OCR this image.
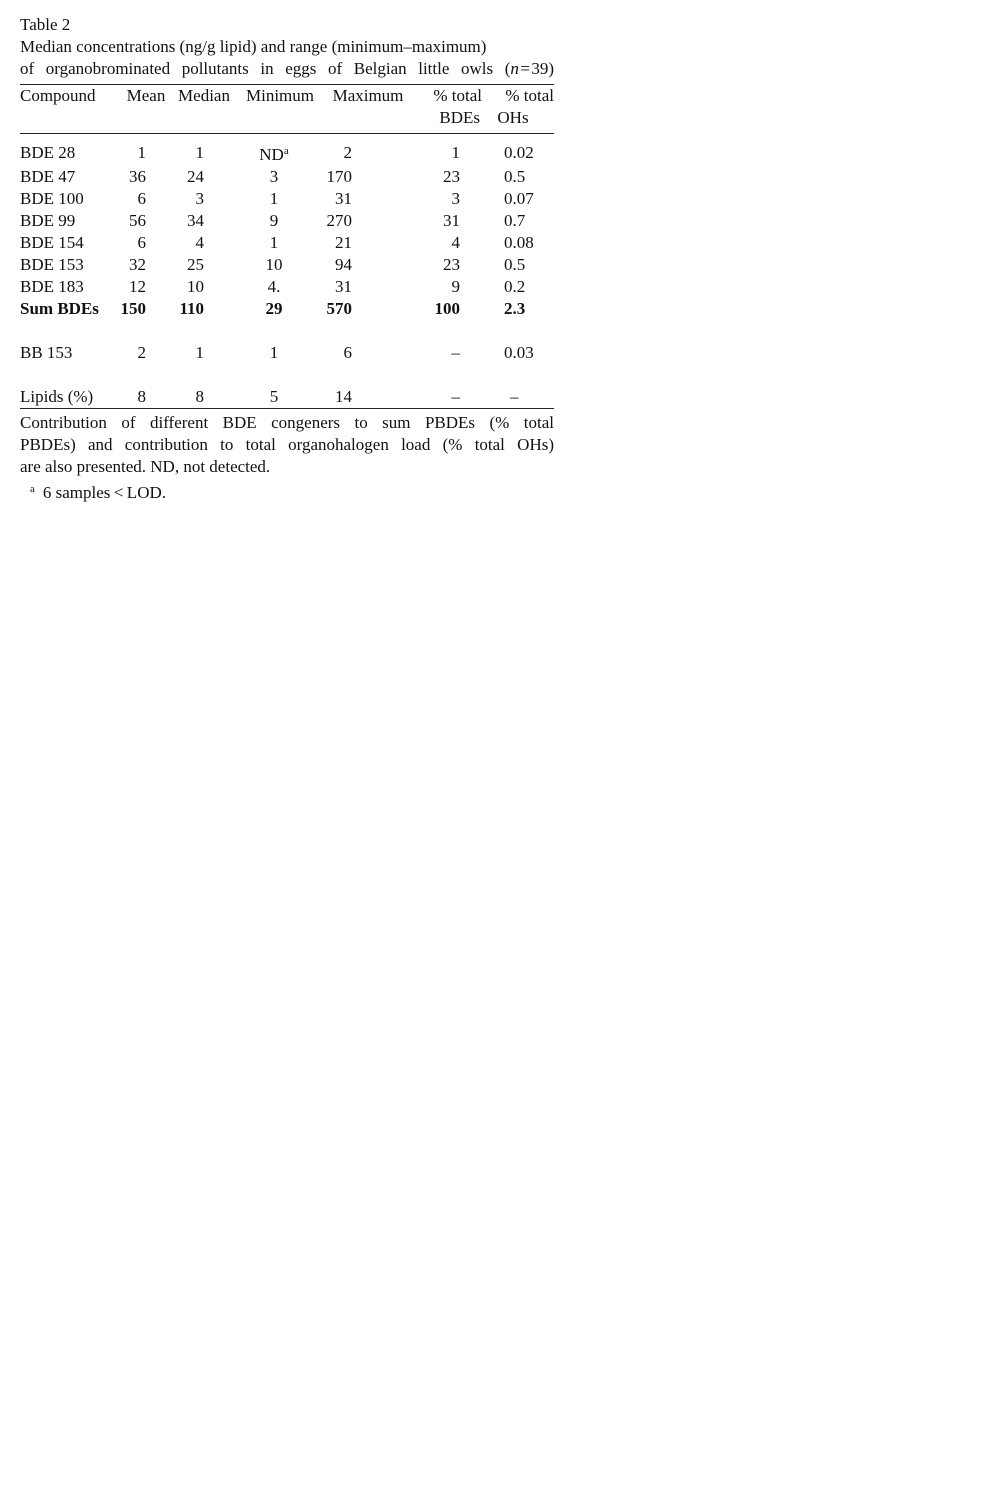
Table 2
Median concentrations (ng/g lipid) and range (minimum–maximum)
of organobrominated pollutants in eggs of Belgian little owls (n = 39)
Compound	Mean	Median	Minimum	Maximum	% total	% total
					BDEs	OHs

BDE 28	1	1	$ND^a$	2	1	0.02
BDE 47	36	24	3	170	23	0.5
BDE 100	6	3	1	31	3	0.07
BDE 99	56	34	9	270	31	0.7
BDE 154	6	4	1	21	4	0.08
BDE 153	32	25	10	94	23	0.5
BDE 183	12	10	4.	31	9	0.2
Sum BDEs	150	110	29	570	100	2.3

BB 153	2	1	1	6	–	0.03

Lipids (%)	8	8	5	14	–	–
Contribution of different BDE congeners to sum PBDEs (% total
PBDEs) and contribution to total organohalogen load (% total OHs)
are also presented. ND, not detected.
$^a$ 6 samples < LOD.
